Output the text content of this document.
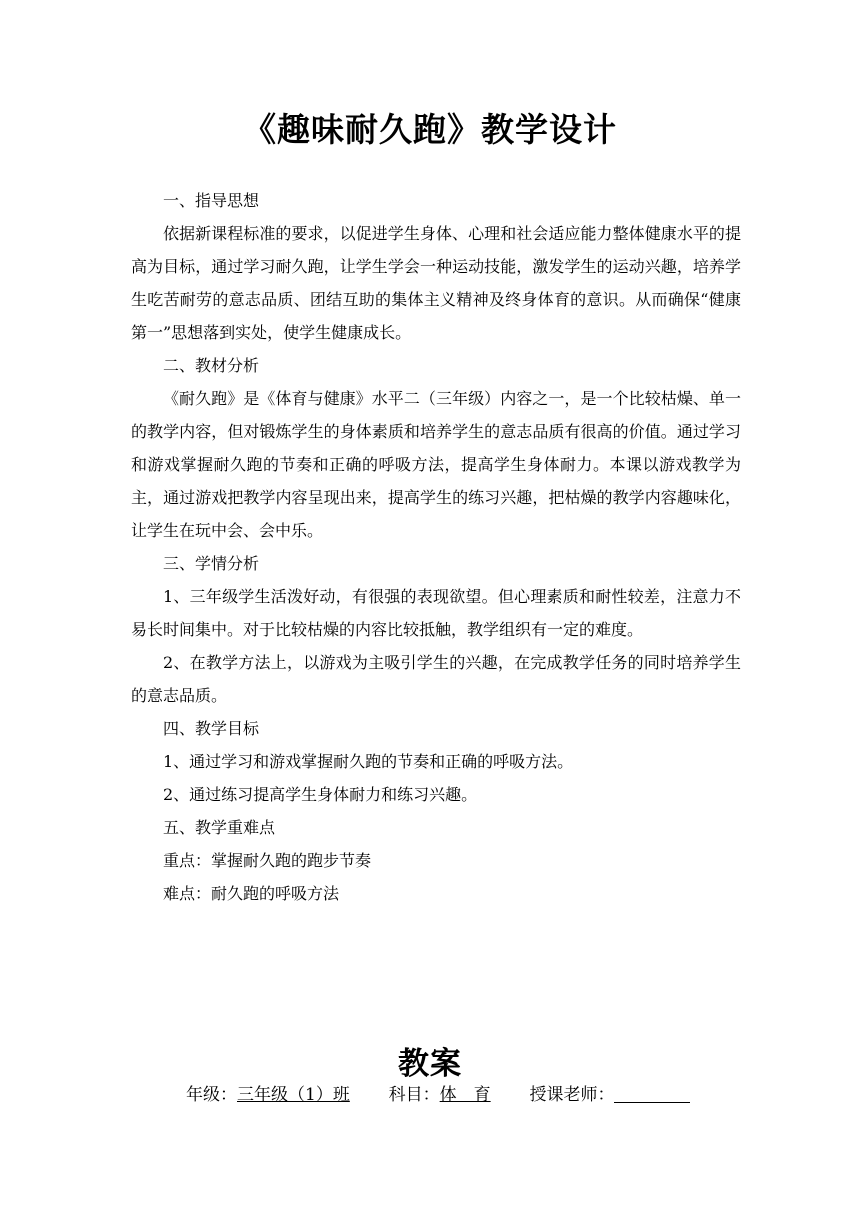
《趣味耐久跑》教学设计

一、指导思想

依据新课程标准的要求，以促进学生身体、心理和社会适应能力整体健康水平的提高为目标，通过学习耐久跑，让学生学会一种运动技能，激发学生的运动兴趣，培养学生吃苦耐劳的意志品质、团结互助的集体主义精神及终身体育的意识。从而确保“健康第一”思想落到实处，使学生健康成长。

二、教材分析

《耐久跑》是《体育与健康》水平二（三年级）内容之一，是一个比较枯燥、单一的教学内容，但对锻炼学生的身体素质和培养学生的意志品质有很高的价值。通过学习和游戏掌握耐久跑的节奏和正确的呼吸方法，提高学生身体耐力。本课以游戏教学为主，通过游戏把教学内容呈现出来，提高学生的练习兴趣，把枯燥的教学内容趣味化，让学生在玩中会、会中乐。

三、学情分析

1、三年级学生活泼好动，有很强的表现欲望。但心理素质和耐性较差，注意力不易长时间集中。对于比较枯燥的内容比较抵触，教学组织有一定的难度。

2、在教学方法上，以游戏为主吸引学生的兴趣，在完成教学任务的同时培养学生的意志品质。

四、教学目标

1、通过学习和游戏掌握耐久跑的节奏和正确的呼吸方法。

2、通过练习提高学生身体耐力和练习兴趣。

五、教学重难点

重点：掌握耐久跑的跑步节奏

难点：耐久跑的呼吸方法

教案
年级：三年级（1）班 科目：体　育 授课老师：
